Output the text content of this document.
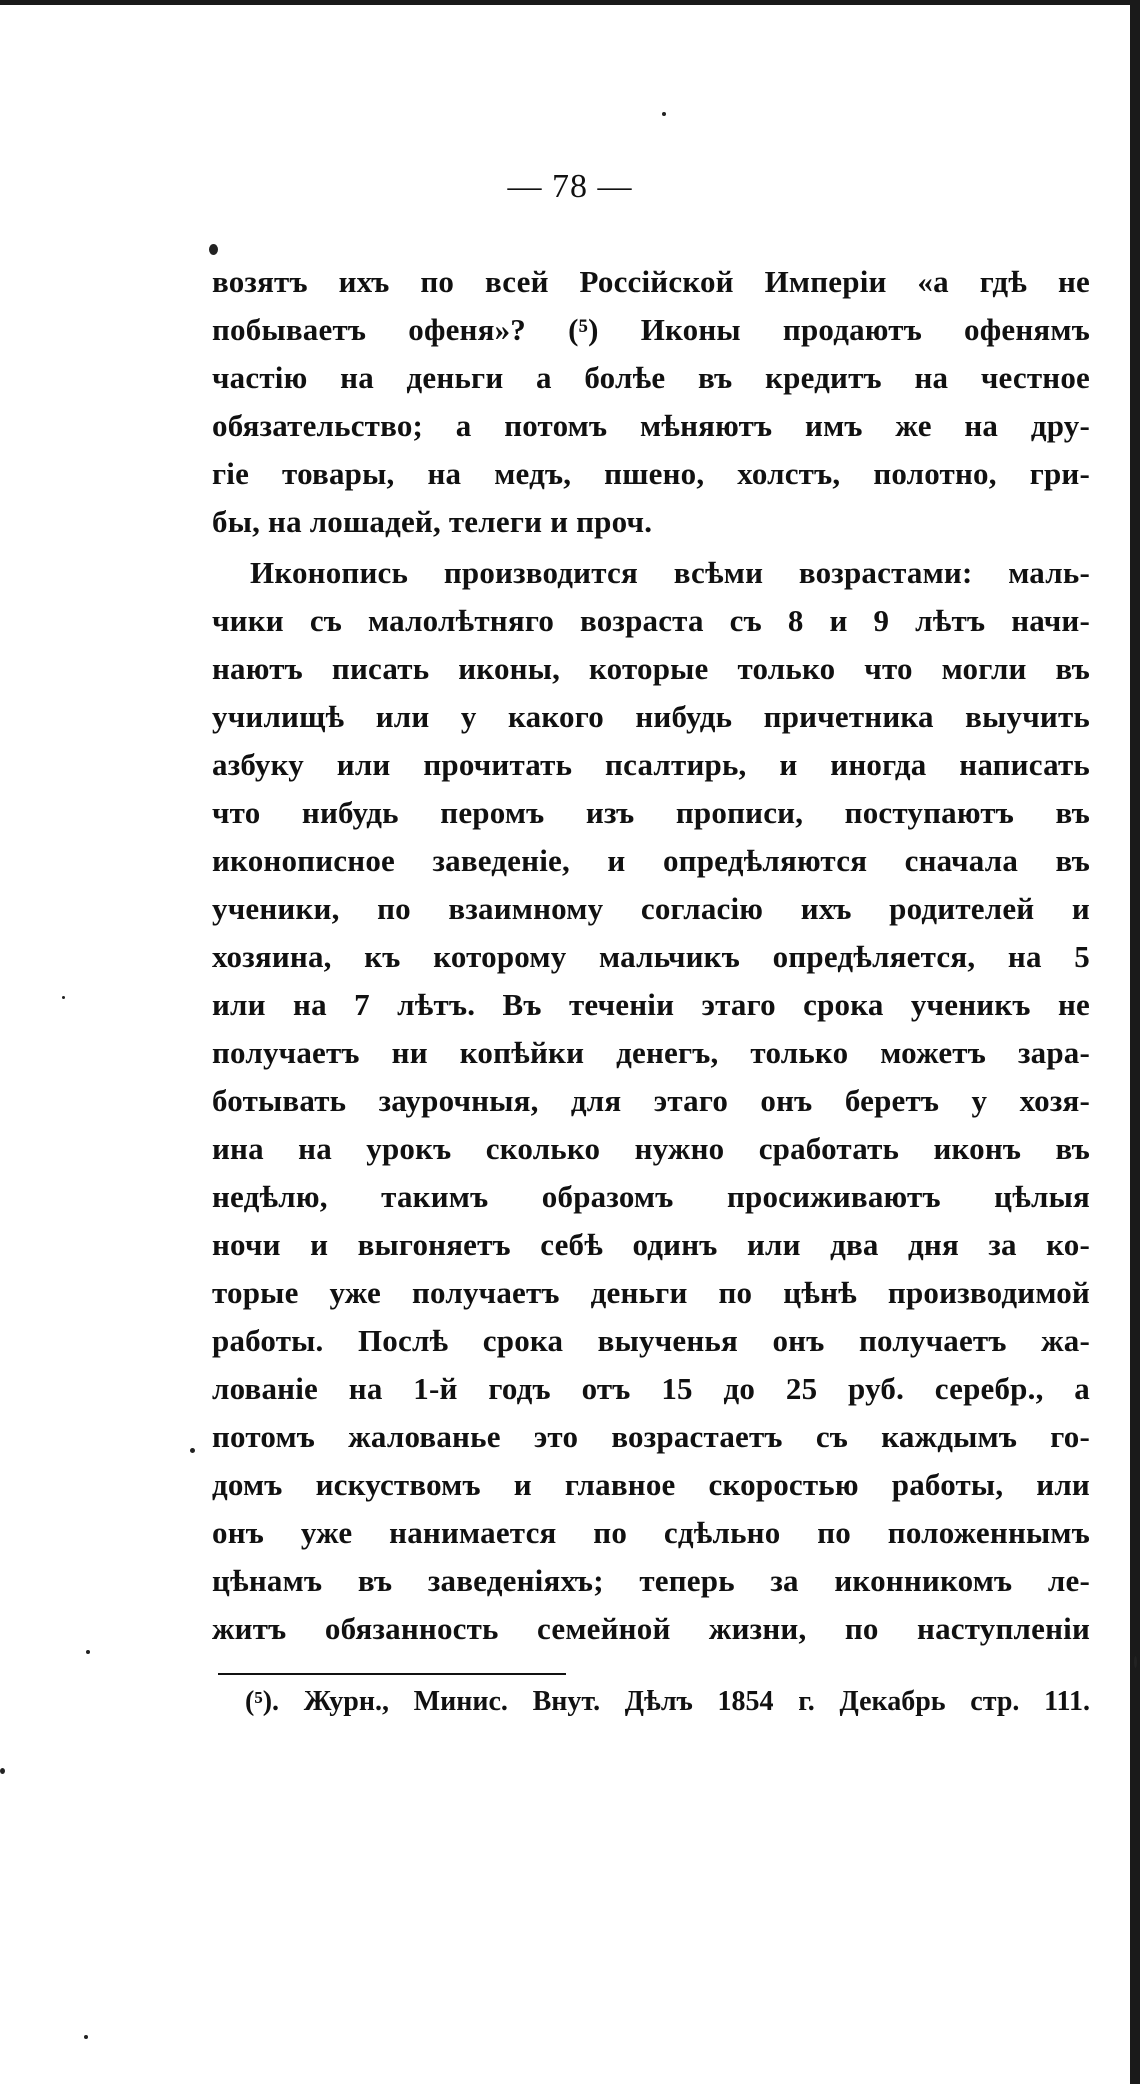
— 78 —
возятъ ихъ по всей Россійской Имперіи «а гдѣ не
побываетъ офеня»? (⁵) Иконы продаютъ офенямъ
частію на деньги а болѣе въ кредитъ на честное
обязательство; а потомъ мѣняютъ имъ же на дру-
гіе товары, на медъ, пшено, холстъ, полотно, гри-
бы, на лошадей, телеги и проч.
Иконопись производится всѣми возрастами: маль-
чики съ малолѣтняго возраста съ 8 и 9 лѣтъ начи-
наютъ писать иконы, которые только что могли въ
училищѣ или у какого нибудь причетника выучить
азбуку или прочитать псалтирь, и иногда написать
что нибудь перомъ изъ прописи, поступаютъ въ
иконописное заведеніе, и опредѣляются сначала въ
ученики, по взаимному согласію ихъ родителей и
хозяина, къ которому мальчикъ опредѣляется, на 5
или на 7 лѣтъ. Въ теченіи этаго срока ученикъ не
получаетъ ни копѣйки денегъ, только можетъ зара-
ботывать заурочныя, для этаго онъ беретъ у хозя-
ина на урокъ сколько нужно сработать иконъ въ
недѣлю, такимъ образомъ просиживаютъ цѣлыя
ночи и выгоняетъ себѣ одинъ или два дня за ко-
торые уже получаетъ деньги по цѣнѣ производимой
работы. Послѣ срока выученья онъ получаетъ жа-
лованіе на 1-й годъ отъ 15 до 25 руб. серебр., а
потомъ жалованье это возрастаетъ съ каждымъ го-
домъ искуствомъ и главное скоростью работы, или
онъ уже нанимается по сдѣльно по положеннымъ
цѣнамъ въ заведеніяхъ; теперь за иконникомъ ле-
житъ обязанность семейной жизни, по наступленіи
(⁵). Журн., Минис. Внут. Дѣлъ 1854 г. Декабрь стр. 111.
